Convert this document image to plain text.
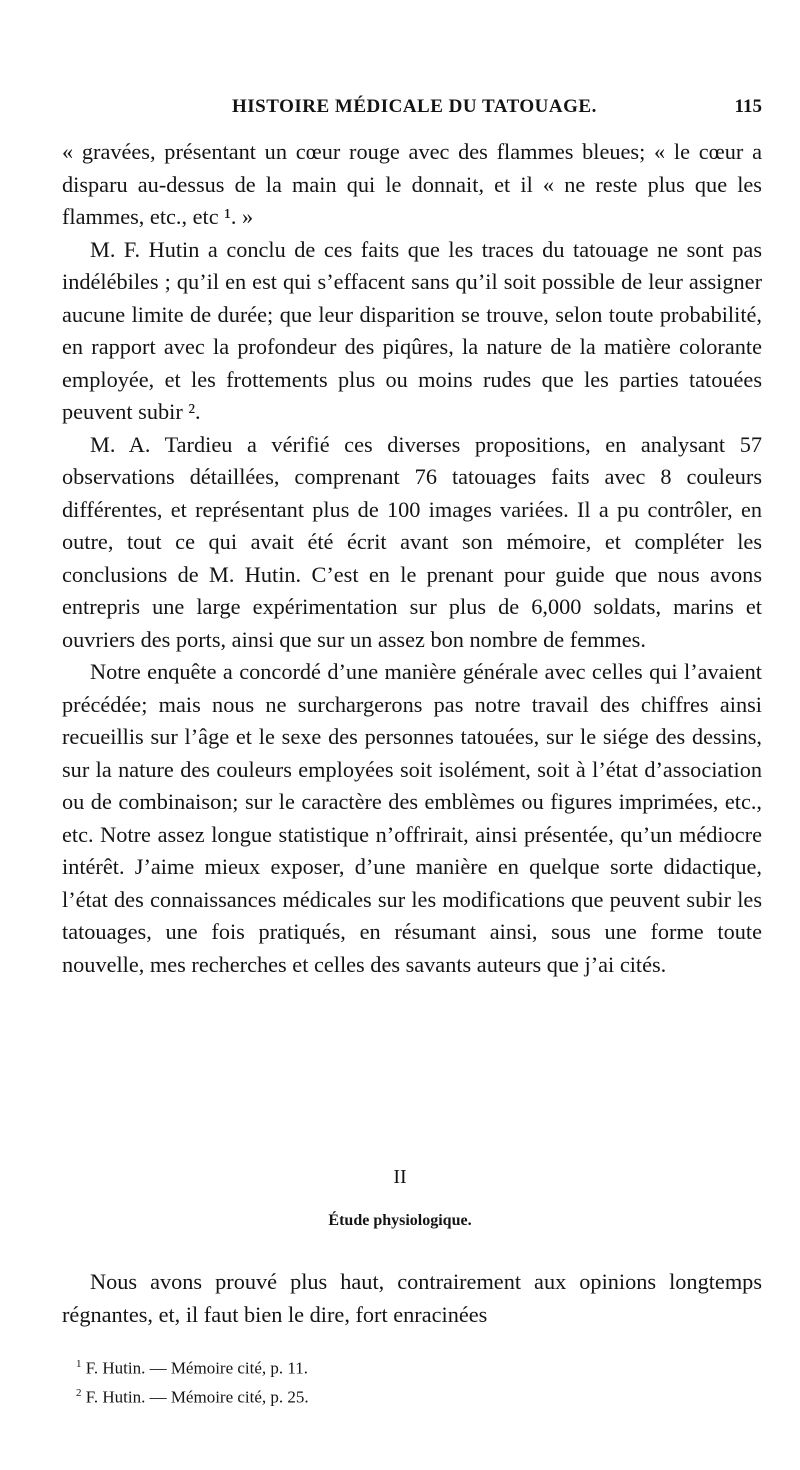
HISTOIRE MÉDICALE DU TATOUAGE.	115

« gravées, présentant un cœur rouge avec des flammes bleues; « le cœur a disparu au-dessus de la main qui le donnait, et il « ne reste plus que les flammes, etc., etc ¹. »

M. F. Hutin a conclu de ces faits que les traces du tatouage ne sont pas indélébiles ; qu’il en est qui s’effacent sans qu’il soit possible de leur assigner aucune limite de durée; que leur disparition se trouve, selon toute probabilité, en rapport avec la profondeur des piqûres, la nature de la matière colorante employée, et les frottements plus ou moins rudes que les parties tatouées peuvent subir ².

M. A. Tardieu a vérifié ces diverses propositions, en analysant 57 observations détaillées, comprenant 76 tatouages faits avec 8 couleurs différentes, et représentant plus de 100 images variées. Il a pu contrôler, en outre, tout ce qui avait été écrit avant son mémoire, et compléter les conclusions de M. Hutin. C’est en le prenant pour guide que nous avons entrepris une large expérimentation sur plus de 6,000 soldats, marins et ouvriers des ports, ainsi que sur un assez bon nombre de femmes.

Notre enquête a concordé d’une manière générale avec celles qui l’avaient précédée; mais nous ne surchargerons pas notre travail des chiffres ainsi recueillis sur l’âge et le sexe des personnes tatouées, sur le siége des dessins, sur la nature des couleurs employées soit isolément, soit à l’état d’association ou de combinaison; sur le caractère des emblèmes ou figures imprimées, etc., etc. Notre assez longue statistique n’offrirait, ainsi présentée, qu’un médiocre intérêt. J’aime mieux exposer, d’une manière en quelque sorte didactique, l’état des connaissances médicales sur les modifications que peuvent subir les tatouages, une fois pratiqués, en résumant ainsi, sous une forme toute nouvelle, mes recherches et celles des savants auteurs que j’ai cités.

II
Étude physiologique.

Nous avons prouvé plus haut, contrairement aux opinions longtemps régnantes, et, il faut bien le dire, fort enracinées

$^1$ F. Hutin. — Mémoire cité, p. 11.
$^2$ F. Hutin. — Mémoire cité, p. 25.
